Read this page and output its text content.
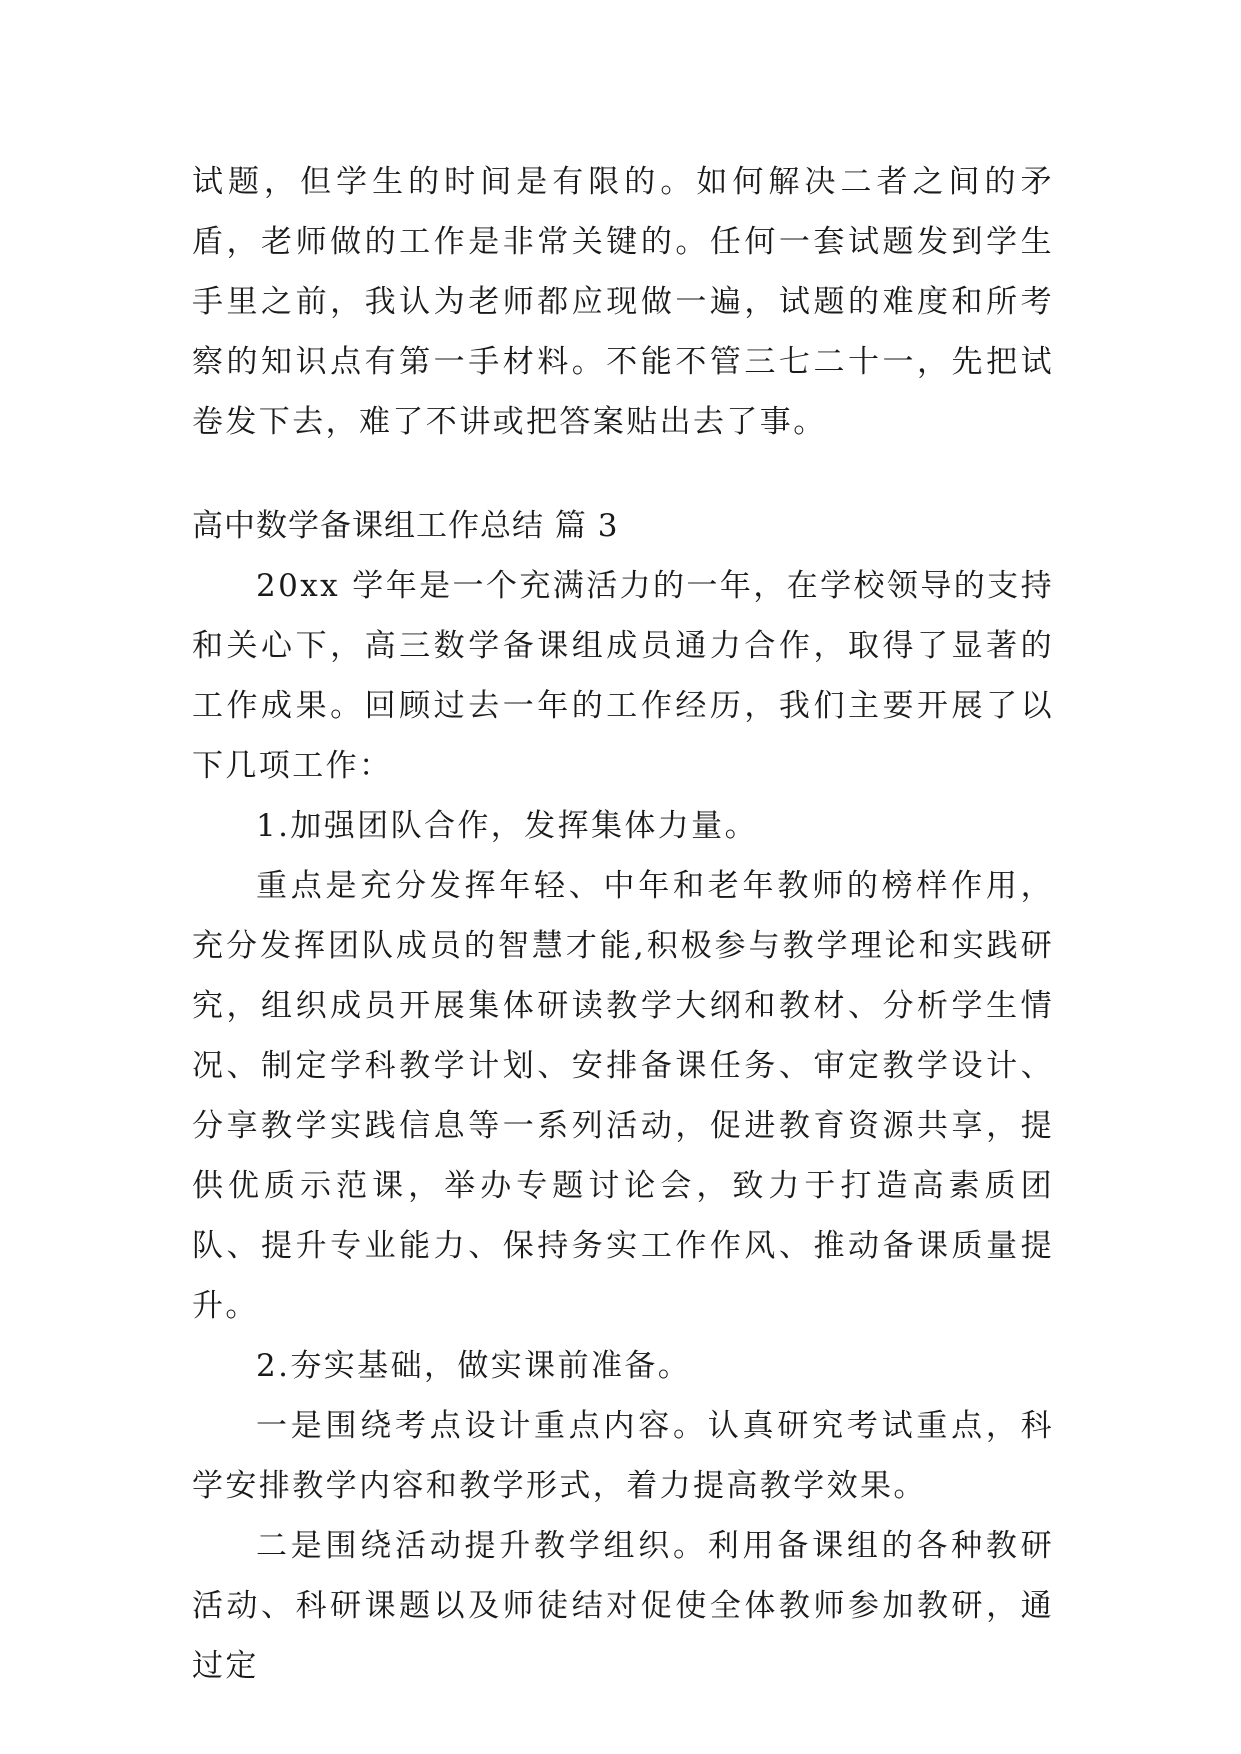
试题，但学生的时间是有限的。如何解决二者之间的矛盾，老师做的工作是非常关键的。任何一套试题发到学生手里之前，我认为老师都应现做一遍，试题的难度和所考察的知识点有第一手材料。不能不管三七二十一，先把试卷发下去，难了不讲或把答案贴出去了事。

高中数学备课组工作总结 篇 3

20xx 学年是一个充满活力的一年，在学校领导的支持和关心下，高三数学备课组成员通力合作，取得了显著的工作成果。回顾过去一年的工作经历，我们主要开展了以下几项工作：

1.加强团队合作，发挥集体力量。

重点是充分发挥年轻、中年和老年教师的榜样作用，充分发挥团队成员的智慧才能,积极参与教学理论和实践研究，组织成员开展集体研读教学大纲和教材、分析学生情况、制定学科教学计划、安排备课任务、审定教学设计、分享教学实践信息等一系列活动，促进教育资源共享，提供优质示范课，举办专题讨论会，致力于打造高素质团队、提升专业能力、保持务实工作作风、推动备课质量提升。

2.夯实基础，做实课前准备。

一是围绕考点设计重点内容。认真研究考试重点，科学安排教学内容和教学形式，着力提高教学效果。

二是围绕活动提升教学组织。利用备课组的各种教研活动、科研课题以及师徒结对促使全体教师参加教研，通过定
